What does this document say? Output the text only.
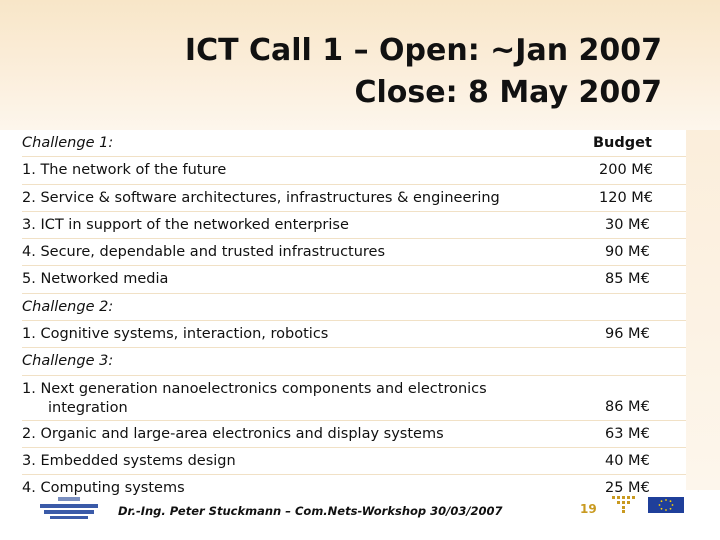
ICT Call 1 – Open: ~Jan 2007
Close: 8 May 2007
Challenge 1:	Budget
1. The network of the future	200 M€
2. Service & software architectures, infrastructures & engineering	120 M€
3. ICT in support of the networked enterprise	30 M€
4. Secure, dependable and trusted infrastructures	90 M€
5. Networked media	85 M€
Challenge 2:
1. Cognitive systems, interaction, robotics	96 M€
Challenge 3:
1. Next generation nanoelectronics components and electronics
integration	86 M€
2. Organic and large-area electronics and display systems	63 M€
3. Embedded systems design	40 M€
4. Computing systems	25 M€
Dr.-Ing. Peter Stuckmann – Com.Nets-Workshop 30/03/2007	19
